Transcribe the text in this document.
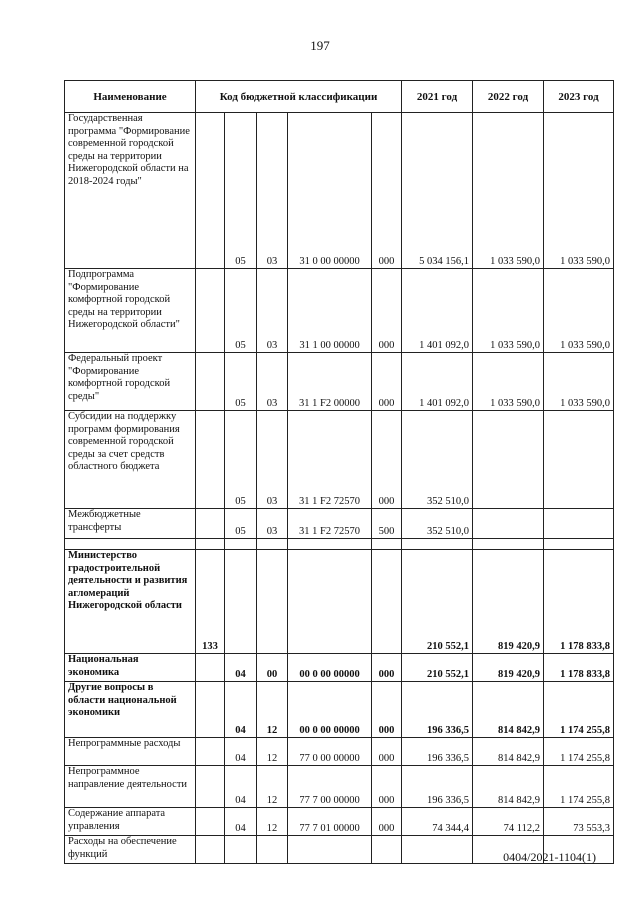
197
Наименование	Код бюджетной классификации					2021 год	2022 год	2023 год
Государственная программа "Формирование современной городской среды на территории Нижегородской области на 2018-2024 годы"		05	03	31 0 00 00000	000	5 034 156,1	1 033 590,0	1 033 590,0
Подпрограмма "Формирование комфортной городской среды на территории Нижегородской области"		05	03	31 1 00 00000	000	1 401 092,0	1 033 590,0	1 033 590,0
Федеральный проект "Формирование комфортной городской среды"		05	03	31 1 F2 00000	000	1 401 092,0	1 033 590,0	1 033 590,0
Субсидии на поддержку программ формирования современной городской среды за счет средств областного бюджета		05	03	31 1 F2 72570	000	352 510,0		
Межбюджетные трансферты		05	03	31 1 F2 72570	500	352 510,0		

Министерство градостроительной деятельности и развития агломераций Нижегородской области	133					210 552,1	819 420,9	1 178 833,8
Национальная экономика		04	00	00 0 00 00000	000	210 552,1	819 420,9	1 178 833,8
Другие вопросы в области национальной экономики		04	12	00 0 00 00000	000	196 336,5	814 842,9	1 174 255,8
Непрограммные расходы		04	12	77 0 00 00000	000	196 336,5	814 842,9	1 174 255,8
Непрограммное направление деятельности		04	12	77 7 00 00000	000	196 336,5	814 842,9	1 174 255,8
Содержание аппарата управления		04	12	77 7 01 00000	000	74 344,4	74 112,2	73 553,3
Расходы на обеспечение функций									0404/2021-1104(1)
